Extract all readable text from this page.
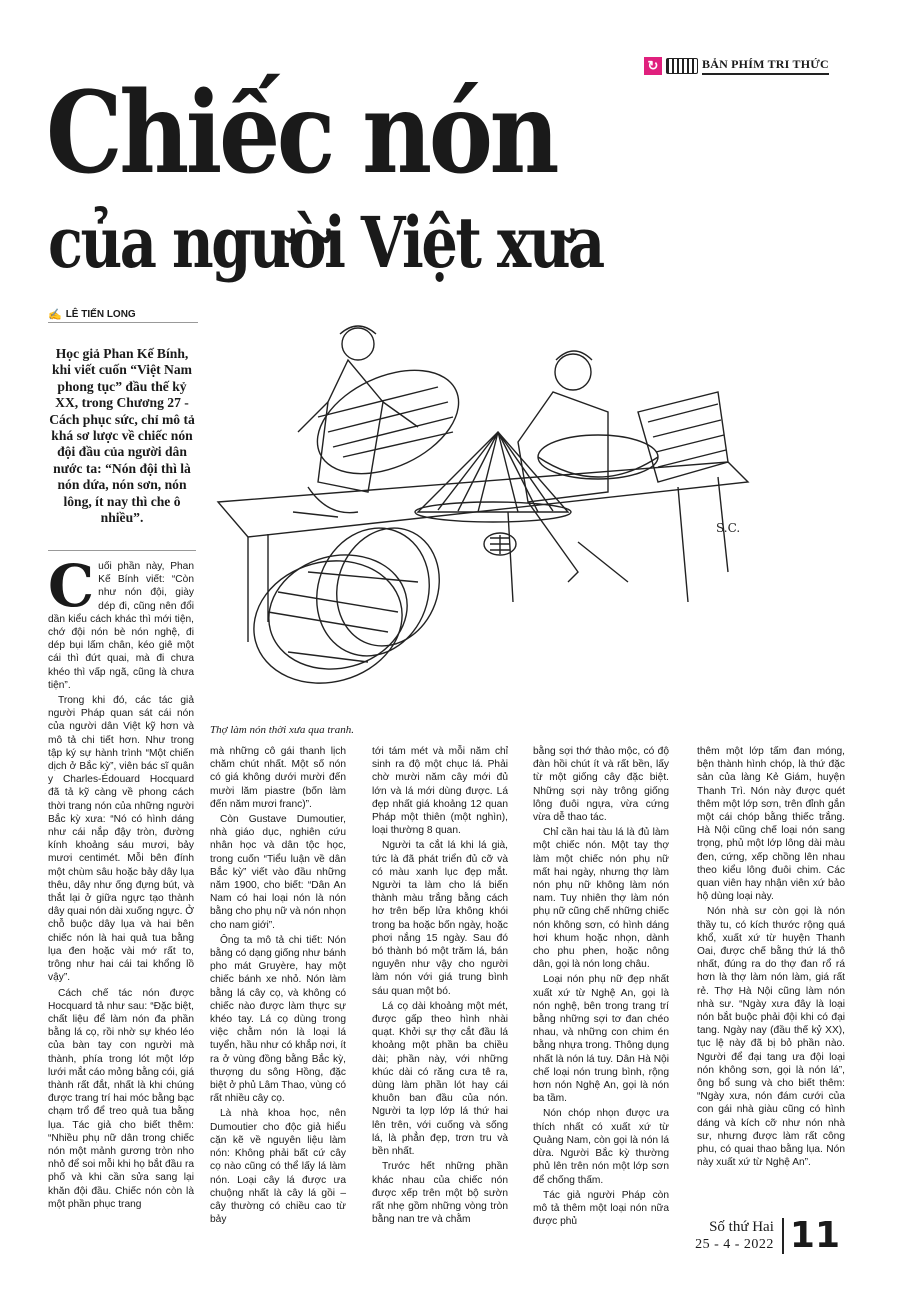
↻	BẢN PHÍM TRI THỨC
Chiếc nón
của người Việt xưa
✍ LÊ TIẾN LONG
Học giả Phan Kế Bính, khi viết cuốn “Việt Nam phong tục” đầu thế kỷ XX, trong Chương 27 - Cách phục sức, chỉ mô tả khá sơ lược về chiếc nón đội đầu của người dân nước ta: “Nón đội thì là nón dứa, nón sơn, nón lông, ít nay thì che ô nhiều”.
S.C.
Thợ làm nón thời xưa qua tranh.

Cuối phần này, Phan Kế Bính viết: “Còn như nón đội, giày dép đi, cũng nên đổi dần kiểu cách khác thì mới tiện, chớ đội nón bè nón nghệ, đi dép bụi lấm chân, kéo giê một cái thì đứt quai, mà đi chưa khéo thì vấp ngã, cũng là chưa tiện”.

Trong khi đó, các tác giả người Pháp quan sát cái nón của người dân Việt kỹ hơn và mô tả chi tiết hơn. Như trong tập ký sự hành trình “Một chiến dịch ở Bắc kỳ”, viên bác sĩ quân y Charles-Édouard Hocquard đã tả kỹ càng về phong cách thời trang nón của những người Bắc kỳ xưa: “Nó có hình dáng như cái nắp đậy tròn, đường kính khoảng sáu mươi, bảy mươi centimét. Mỗi bên đính một chùm sâu hoặc bảy dây lụa thêu, dây như ống đựng bút, và thắt lại ở giữa ngực tạo thành dây quai nón dài xuống ngực. Ở chỗ buộc dây lụa và hai bên chiếc nón là hai quả tua bằng lụa đen hoặc vài mớ rất to, trông như hai cái tai khổng lồ vậy”.

Cách chế tác nón được Hocquard tả như sau: “Đặc biệt, chất liệu để làm nón đa phần bằng lá cọ, rồi nhờ sự khéo léo của bàn tay con người mà thành, phía trong lót một lớp lưới mắt cáo mỏng bằng cói, giá thành rất đắt, nhất là khi chúng được trang trí hai móc bằng bạc chạm trổ để treo quả tua bằng lụa. Tác giả cho biết thêm: “Nhiều phụ nữ dân trong chiếc nón một mảnh gương tròn nho nhỏ để soi mỗi khi họ bắt đầu ra phố và khi cần sửa sang lại khăn đội đầu. Chiếc nón còn là một phần phục trang

mà những cô gái thanh lịch chăm chút nhất. Một số nón có giá không dưới mười đến mười lăm piastre (bốn làm đến năm mươi franc)”.

Còn Gustave Dumoutier, nhà giáo dục, nghiên cứu nhân học và dân tộc học, trong cuốn “Tiểu luận về dân Bắc kỳ” viết vào đầu những năm 1900, cho biết: “Dân An Nam có hai loại nón là nón bằng cho phụ nữ và nón nhọn cho nam giới”.

Ông ta mô tả chi tiết: Nón bằng có dạng giống như bánh pho mát Gruyère, hay một chiếc bánh xe nhỏ. Nón làm bằng lá cây cọ, và không có chiếc nào được làm thực sự khéo tay. Lá cọ dùng trong việc chằm nón là loại lá tuyển, hầu như có khắp nơi, ít ra ở vùng đồng bằng Bắc kỳ, thượng du sông Hồng, đặc biệt ở phủ Lâm Thao, vùng có rất nhiều cây cọ.

Là nhà khoa học, nên Dumoutier cho độc giả hiểu cặn kẽ về nguyên liệu làm nón: Không phải bất cứ cây cọ nào cũng có thể lấy lá làm nón. Loại cây lá được ưa chuộng nhất là cây lá gồi – cây thường có chiều cao từ bảy

tới tám mét và mỗi năm chỉ sinh ra độ một chục lá. Phải chờ mười năm cây mới đủ lớn và lá mới dùng được. Lá đẹp nhất giá khoảng 12 quan Pháp một thiên (một nghìn), loại thường 8 quan.

Người ta cắt lá khi lá già, tức là đã phát triển đủ cỡ và có màu xanh lục đẹp mắt. Người ta làm cho lá biến thành màu trắng bằng cách hơ trên bếp lửa không khói trong ba hoặc bốn ngày, hoặc phơi nắng 15 ngày. Sau đó bó thành bó một trăm lá, bán nguyên như vậy cho người làm nón với giá trung bình sáu quan một bó.

Lá cọ dài khoảng một mét, được gấp theo hình nhài quạt. Khởi sự thợ cắt đầu lá khoảng một phần ba chiều dài; phần này, với những khúc dài có răng cưa tê ra, dùng làm phần lót hay cái khuôn ban đầu của nón. Người ta lợp lớp lá thứ hai lên trên, với cuống và sống lá, là phẳn đẹp, trơn tru và bền nhất.

Trước hết những phần khác nhau của chiếc nón được xếp trên một bộ sườn rất nhẹ gồm những vòng tròn bằng nan tre và chằm

bằng sợi thớ thảo mộc, có độ đàn hồi chút ít và rất bền, lấy từ một giống cây đặc biệt. Những sợi này trông giống lông đuôi ngựa, vừa cứng vừa dễ thao tác.

Chỉ cần hai tàu lá là đủ làm một chiếc nón. Một tay thợ làm một chiếc nón phụ nữ mất hai ngày, nhưng thợ làm nón phụ nữ không làm nón nam. Tuy nhiên thợ làm nón phụ nữ cũng chế những chiếc nón không sơn, có hình dáng hơi khum hoặc nhọn, dành cho phu phen, hoặc nông dân, gọi là nón long châu.

Loại nón phụ nữ đẹp nhất xuất xứ từ Nghệ An, gọi là nón nghệ, bên trong trang trí bằng những sợi tơ đan chéo nhau, và những con chim én bằng nhựa trong. Thông dụng nhất là nón lá tuy. Dân Hà Nội chế loại nón trung bình, rộng hơn nón Nghệ An, gọi là nón ba tầm.

Nón chóp nhọn được ưa thích nhất có xuất xứ từ Quảng Nam, còn gọi là nón lá dừa. Người Bắc kỳ thường phủ lên trên nón một lớp sơn để chống thấm.

Tác giả người Pháp còn mô tả thêm một loại nón nữa được phủ

thêm một lớp tấm đan móng, bện thành hình chóp, là thứ đặc sản của làng Kẻ Giám, huyện Thanh Trì. Nón này được quét thêm một lớp sơn, trên đỉnh gắn một cái chóp bằng thiếc trắng. Hà Nội cũng chế loại nón sang trọng, phủ một lớp lông dài màu đen, cứng, xếp chồng lên nhau theo kiểu lông đuôi chim. Các quan viên hay nhận viên xứ bảo hộ dùng loại này.

Nón nhà sư còn gọi là nón thầy tu, có kích thước rộng quá khổ, xuất xứ từ huyện Thanh Oai, được chế bằng thứ lá thô nhất, đúng ra do thợ đan rổ rá hơn là thợ làm nón làm, giá rất rẻ. Thợ Hà Nội cũng làm nón nhà sư. “Ngày xưa đây là loại nón bắt buộc phải đội khi có đại tang. Ngày nay (đầu thế kỷ XX), tục lệ này đã bị bỏ phần nào. Người để đại tang ưa đội loại nón không sơn, gọi là nón lá”, ông bổ sung và cho biết thêm: “Ngày xưa, nón đám cưới của con gái nhà giàu cũng có hình dáng và kích cỡ như nón nhà sư, nhưng được làm rất công phu, có quai thao bằng lụa. Nón này xuất xứ từ Nghệ An”.

Số thứ Hai
25 - 4 - 2022 11
